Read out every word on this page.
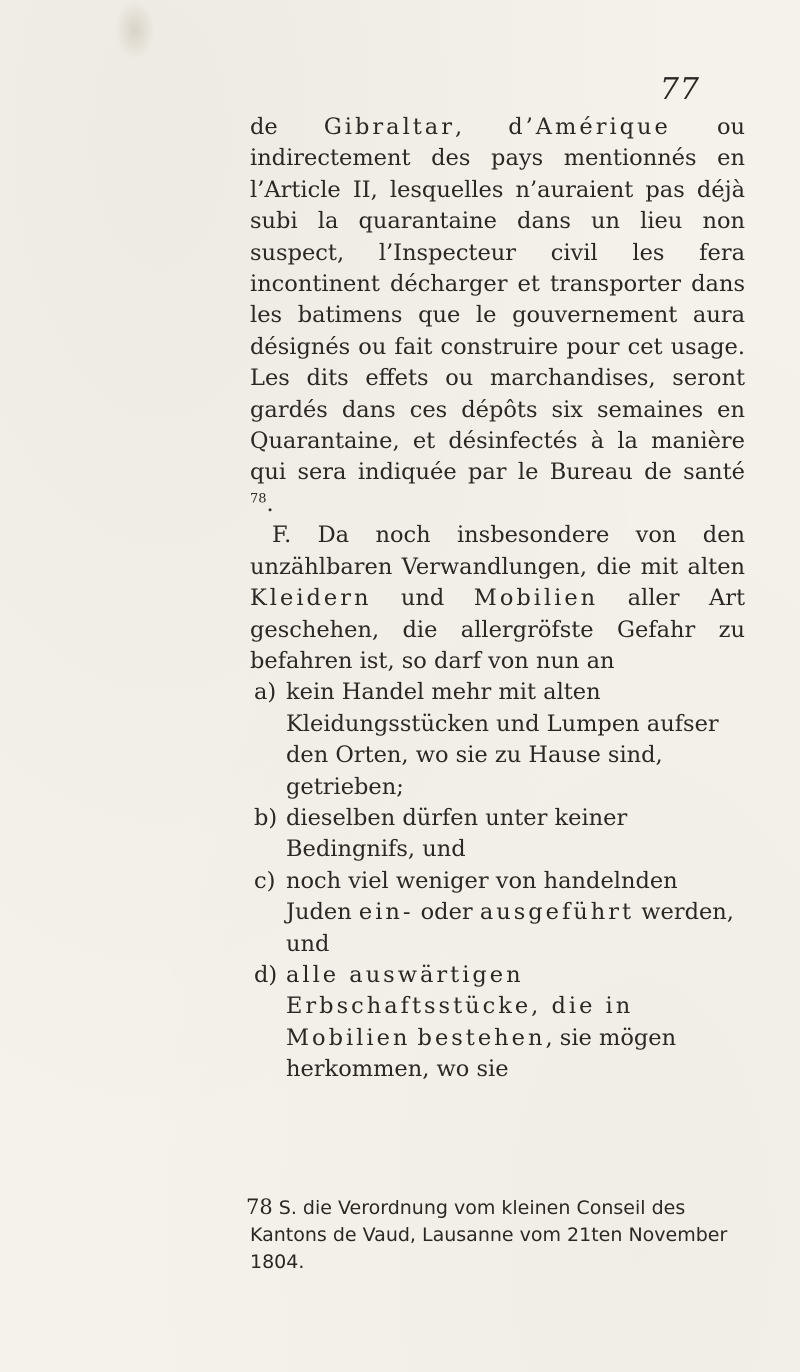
77

de Gibraltar, d’Amérique ou indirectement des pays mentionnés en l’Article II, lesquelles n’auraient pas déjà subi la quarantaine dans un lieu non suspect, l’Inspecteur civil les fera incontinent décharger et transporter dans les batimens que le gouvernement aura désignés ou fait construire pour cet usage. Les dits effets ou marchandises, seront gardés dans ces dépôts six semaines en Quarantaine, et désinfectés à la manière qui sera indiquée par le Bureau de santé $^{78}$.

F. Da noch insbesondere von den unzählbaren Verwandlungen, die mit alten Kleidern und Mobilien aller Art geschehen, die allergröfste Gefahr zu befahren ist, so darf von nun an

a) kein Handel mehr mit alten Kleidungsstücken und Lumpen aufser den Orten, wo sie zu Hause sind, getrieben;
b) dieselben dürfen unter keiner Bedingnifs, und
c) noch viel weniger von handelnden Juden ein- oder ausgeführt werden, und
d) alle auswärtigen Erbschaftsstücke, die in Mobilien bestehen, sie mögen herkommen, wo sie

78 S. die Verordnung vom kleinen Conseil des Kantons de Vaud, Lausanne vom 21ten November 1804.
